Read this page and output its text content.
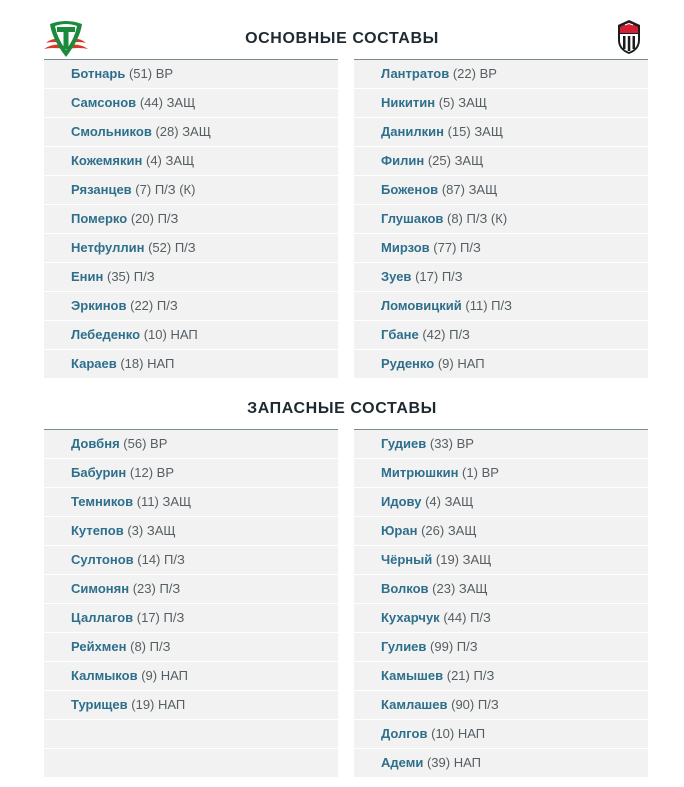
ОСНОВНЫЕ СОСТАВЫ
Ботнарь (51) ВР
Самсонов (44) ЗАЩ
Смольников (28) ЗАЩ
Кожемякин (4) ЗАЩ
Рязанцев (7) П/З (К)
Померко (20) П/З
Нетфуллин (52) П/З
Енин (35) П/З
Эркинов (22) П/З
Лебеденко (10) НАП
Караев (18) НАП
Лантратов (22) ВР
Никитин (5) ЗАЩ
Данилкин (15) ЗАЩ
Филин (25) ЗАЩ
Боженов (87) ЗАЩ
Глушаков (8) П/З (К)
Мирзов (77) П/З
Зуев (17) П/З
Ломовицкий (11) П/З
Гбане (42) П/З
Руденко (9) НАП
ЗАПАСНЫЕ СОСТАВЫ
Довбня (56) ВР
Бабурин (12) ВР
Темников (11) ЗАЩ
Кутепов (3) ЗАЩ
Султонов (14) П/З
Симонян (23) П/З
Цаллагов (17) П/З
Рейхмен (8) П/З
Калмыков (9) НАП
Турищев (19) НАП
Гудиев (33) ВР
Митрюшкин (1) ВР
Идову (4) ЗАЩ
Юран (26) ЗАЩ
Чёрный (19) ЗАЩ
Волков (23) ЗАЩ
Кухарчук (44) П/З
Гулиев (99) П/З
Камышев (21) П/З
Камлашев (90) П/З
Долгов (10) НАП
Адеми (39) НАП
